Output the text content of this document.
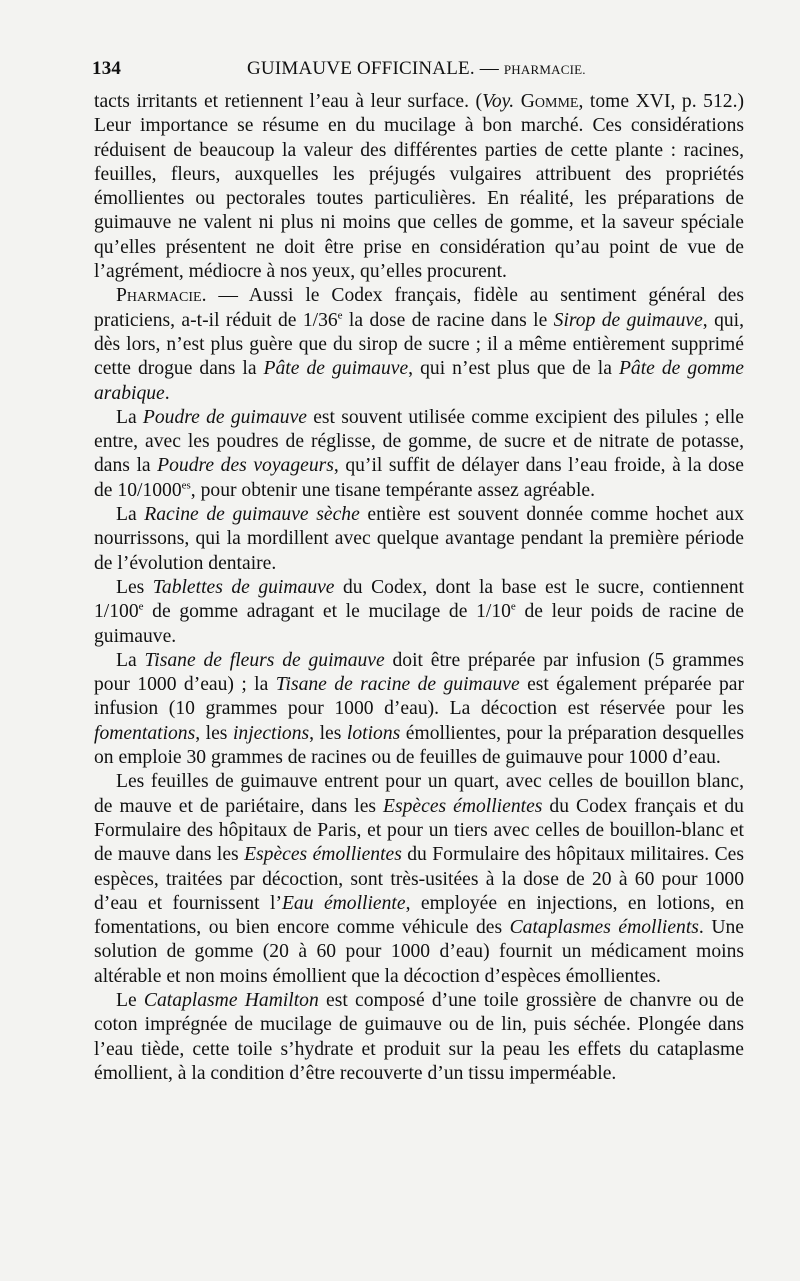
134	GUIMAUVE OFFICINALE. — PHARMACIE.

tacts irritants et retiennent l’eau à leur surface. (Voy. Gomme, tome XVI, p. 512.) Leur importance se résume en du mucilage à bon marché. Ces considérations réduisent de beaucoup la valeur des différentes parties de cette plante : racines, feuilles, fleurs, auxquelles les préjugés vulgaires attribuent des propriétés émollientes ou pectorales toutes particulières. En réalité, les préparations de guimauve ne valent ni plus ni moins que celles de gomme, et la saveur spéciale qu’elles présentent ne doit être prise en considération qu’au point de vue de l’agrément, médiocre à nos yeux, qu’elles procurent.

Pharmacie. — Aussi le Codex français, fidèle au sentiment général des praticiens, a-t-il réduit de 1/36e la dose de racine dans le Sirop de guimauve, qui, dès lors, n’est plus guère que du sirop de sucre ; il a même entièrement supprimé cette drogue dans la Pâte de guimauve, qui n’est plus que de la Pâte de gomme arabique.

La Poudre de guimauve est souvent utilisée comme excipient des pilules ; elle entre, avec les poudres de réglisse, de gomme, de sucre et de nitrate de potasse, dans la Poudre des voyageurs, qu’il suffit de délayer dans l’eau froide, à la dose de $10/1000^{es}$, pour obtenir une tisane tempérante assez agréable.

La Racine de guimauve sèche entière est souvent donnée comme hochet aux nourrissons, qui la mordillent avec quelque avantage pendant la première période de l’évolution dentaire.

Les Tablettes de guimauve du Codex, dont la base est le sucre, contiennent 1/100e de gomme adragant et le mucilage de 1/10e de leur poids de racine de guimauve.

La Tisane de fleurs de guimauve doit être préparée par infusion (5 grammes pour 1000 d’eau) ; la Tisane de racine de guimauve est également préparée par infusion (10 grammes pour 1000 d’eau). La décoction est réservée pour les fomentations, les injections, les lotions émollientes, pour la préparation desquelles on emploie 30 grammes de racines ou de feuilles de guimauve pour 1000 d’eau.

Les feuilles de guimauve entrent pour un quart, avec celles de bouillon blanc, de mauve et de pariétaire, dans les Espèces émollientes du Codex français et du Formulaire des hôpitaux de Paris, et pour un tiers avec celles de bouillon-blanc et de mauve dans les Espèces émollientes du Formulaire des hôpitaux militaires. Ces espèces, traitées par décoction, sont très-usitées à la dose de 20 à 60 pour 1000 d’eau et fournissent l’Eau émolliente, employée en injections, en lotions, en fomentations, ou bien encore comme véhicule des Cataplasmes émollients. Une solution de gomme (20 à 60 pour 1000 d’eau) fournit un médicament moins altérable et non moins émollient que la décoction d’espèces émollientes.

Le Cataplasme Hamilton est composé d’une toile grossière de chanvre ou de coton imprégnée de mucilage de guimauve ou de lin, puis séchée. Plongée dans l’eau tiède, cette toile s’hydrate et produit sur la peau les effets du cataplasme émollient, à la condition d’être recouverte d’un tissu imperméable.
